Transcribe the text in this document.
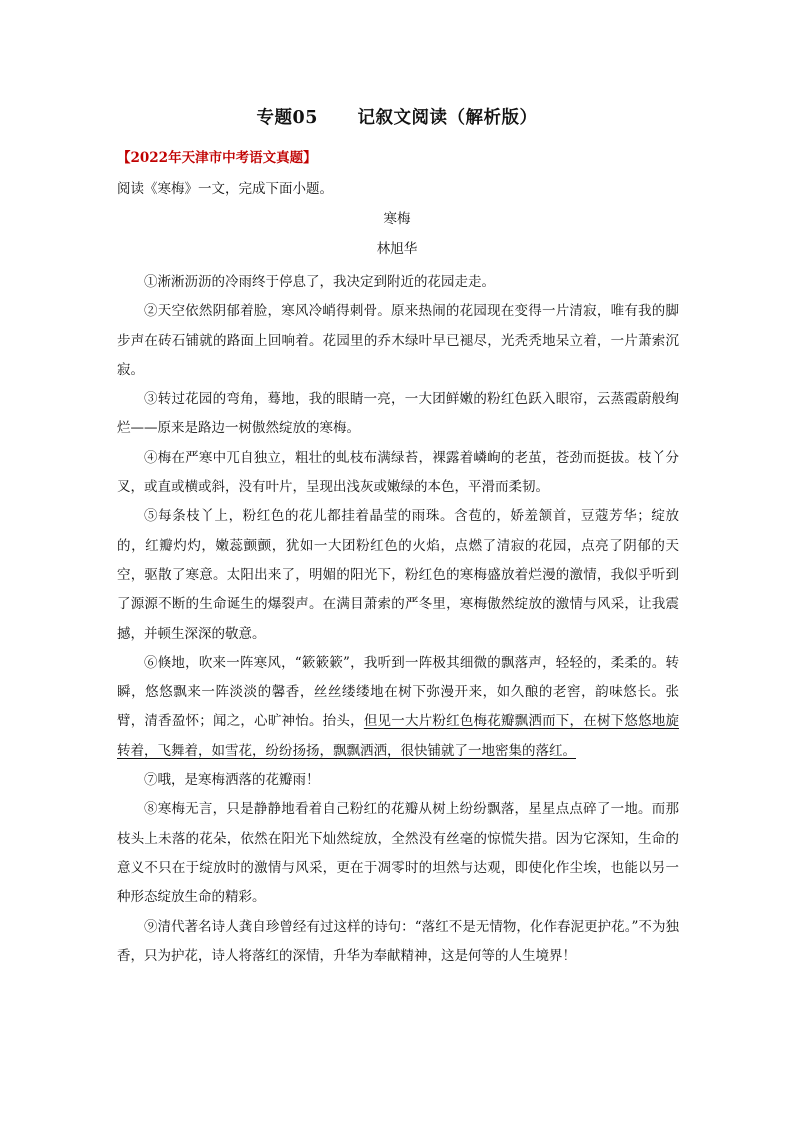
专题05      记叙文阅读（解析版）
【2022年天津市中考语文真题】
阅读《寒梅》一文，完成下面小题。
寒梅
林旭华

①淅淅沥沥的冷雨终于停息了，我决定到附近的花园走走。

②天空依然阴郁着脸，寒风冷峭得刺骨。原来热闹的花园现在变得一片清寂，唯有我的脚步声在砖石铺就的路面上回响着。花园里的乔木绿叶早已褪尽，光秃秃地呆立着，一片萧索沉寂。

③转过花园的弯角，蓦地，我的眼睛一亮，一大团鲜嫩的粉红色跃入眼帘，云蒸霞蔚般绚烂——原来是路边一树傲然绽放的寒梅。

④梅在严寒中兀自独立，粗壮的虬枝布满绿苔，裸露着嶙峋的老茧，苍劲而挺拔。枝丫分叉，或直或横或斜，没有叶片，呈现出浅灰或嫩绿的本色，平滑而柔韧。

⑤每条枝丫上，粉红色的花儿都挂着晶莹的雨珠。含苞的，娇羞颔首，豆蔻芳华；绽放的，红瓣灼灼，嫩蕊颤颤，犹如一大团粉红色的火焰，点燃了清寂的花园，点亮了阴郁的天空，驱散了寒意。太阳出来了，明媚的阳光下，粉红色的寒梅盛放着烂漫的激情，我似乎听到了源源不断的生命诞生的爆裂声。在满目萧索的严冬里，寒梅傲然绽放的激情与风采，让我震撼，并顿生深深的敬意。

⑥倏地，吹来一阵寒风，“簌簌簌”，我听到一阵极其细微的飘落声，轻轻的，柔柔的。转瞬，悠悠飘来一阵淡淡的馨香，丝丝缕缕地在树下弥漫开来，如久酿的老窖，韵味悠长。张臂，清香盈怀；闻之，心旷神怡。抬头，但见一大片粉红色梅花瓣飘洒而下，在树下悠悠地旋转着，飞舞着，如雪花，纷纷扬扬，飘飘洒洒，很快铺就了一地密集的落红。

⑦哦，是寒梅洒落的花瓣雨！

⑧寒梅无言，只是静静地看着自己粉红的花瓣从树上纷纷飘落，星星点点碎了一地。而那枝头上未落的花朵，依然在阳光下灿然绽放，全然没有丝毫的惊慌失措。因为它深知，生命的意义不只在于绽放时的激情与风采，更在于凋零时的坦然与达观，即使化作尘埃，也能以另一种形态绽放生命的精彩。

⑨清代著名诗人龚自珍曾经有过这样的诗句：“落红不是无情物，化作春泥更护花。”不为独香，只为护花，诗人将落红的深情，升华为奉献精神，这是何等的人生境界！
